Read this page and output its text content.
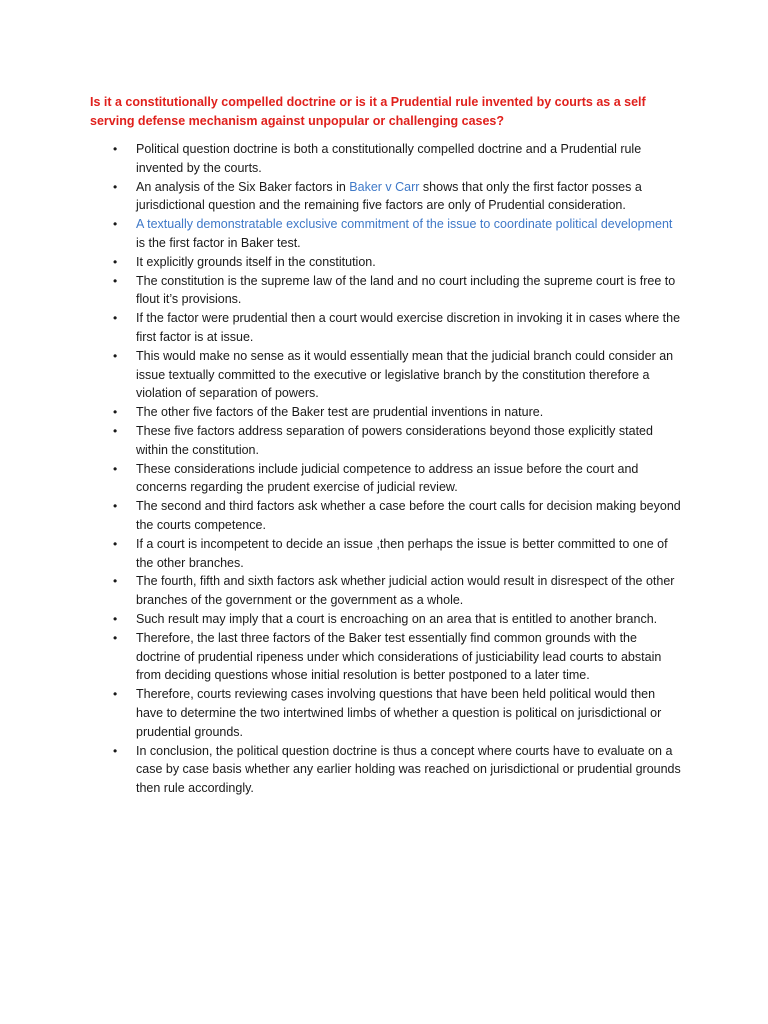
Is it a constitutionally compelled doctrine or is it a Prudential rule invented by courts as a self serving defense mechanism against unpopular or challenging cases?

• Political question doctrine is both a constitutionally compelled doctrine and a Prudential rule invented by the courts.
• An analysis of the Six Baker factors in Baker v Carr shows that only the first factor posses a jurisdictional question and the remaining five factors are only of Prudential consideration.
• A textually demonstratable exclusive commitment of the issue to coordinate political development is the first factor in Baker test.
• It explicitly grounds itself in the constitution.
• The constitution is the supreme law of the land and no court including the supreme court is free to flout it’s provisions.
• If the factor were prudential then a court would exercise discretion in invoking it in cases where the first factor is at issue.
• This would make no sense as it would essentially mean that the judicial branch could consider an issue textually committed to the executive or legislative branch by the constitution therefore a violation of separation of powers.
• The other five factors of the Baker test are prudential inventions in nature.
• These five factors address separation of powers considerations beyond those explicitly stated within the constitution.
• These considerations include judicial competence to address an issue before the court and concerns regarding the prudent exercise of judicial review.
• The second and third factors ask whether a case before the court calls for decision making beyond the courts competence.
• If a court is incompetent to decide an issue ,then perhaps the issue is better committed to one of the other branches.
• The fourth, fifth and sixth factors ask whether judicial action would result in disrespect of the other branches of the government or the government as a whole.
• Such result may imply that a court is encroaching on an area that is entitled to another branch.
• Therefore, the last three factors of the Baker test essentially find common grounds with the doctrine of prudential ripeness under which considerations of justiciability lead courts to abstain from deciding questions whose initial resolution is better postponed to a later time.
• Therefore, courts reviewing cases involving questions that have been held political would then have to determine the two intertwined limbs of whether a question is political on jurisdictional or prudential grounds.
• In conclusion, the political question doctrine is thus a concept where courts have to evaluate on a case by case basis whether any earlier holding was reached on jurisdictional or prudential grounds then rule accordingly.
